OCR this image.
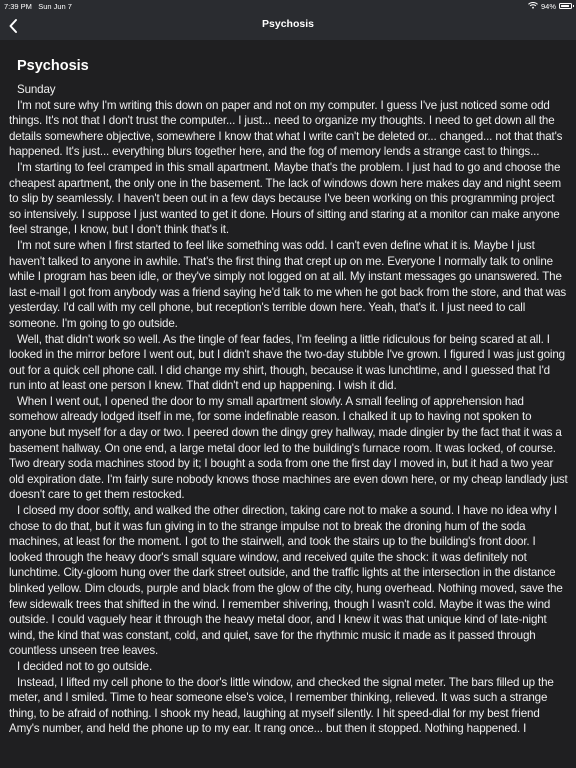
7:39 PM Sun Jun 7	94%
Psychosis
Psychosis

Sunday

I'm not sure why I'm writing this down on paper and not on my computer. I guess I've just noticed some odd things. It's not that I don't trust the computer... I just... need to organize my thoughts. I need to get down all the details somewhere objective, somewhere I know that what I write can't be deleted or... changed... not that that's happened. It's just... everything blurs together here, and the fog of memory lends a strange cast to things...

I'm starting to feel cramped in this small apartment. Maybe that's the problem. I just had to go and choose the cheapest apartment, the only one in the basement. The lack of windows down here makes day and night seem to slip by seamlessly. I haven't been out in a few days because I've been working on this programming project so intensively. I suppose I just wanted to get it done. Hours of sitting and staring at a monitor can make anyone feel strange, I know, but I don't think that's it.

I'm not sure when I first started to feel like something was odd. I can't even define what it is. Maybe I just haven't talked to anyone in awhile. That's the first thing that crept up on me. Everyone I normally talk to online while I program has been idle, or they've simply not logged on at all. My instant messages go unanswered. The last e-mail I got from anybody was a friend saying he'd talk to me when he got back from the store, and that was yesterday. I'd call with my cell phone, but reception's terrible down here. Yeah, that's it. I just need to call someone. I'm going to go outside.

Well, that didn't work so well. As the tingle of fear fades, I'm feeling a little ridiculous for being scared at all. I looked in the mirror before I went out, but I didn't shave the two-day stubble I've grown. I figured I was just going out for a quick cell phone call. I did change my shirt, though, because it was lunchtime, and I guessed that I'd run into at least one person I knew. That didn't end up happening. I wish it did.

When I went out, I opened the door to my small apartment slowly. A small feeling of apprehension had somehow already lodged itself in me, for some indefinable reason. I chalked it up to having not spoken to anyone but myself for a day or two. I peered down the dingy grey hallway, made dingier by the fact that it was a basement hallway. On one end, a large metal door led to the building's furnace room. It was locked, of course. Two dreary soda machines stood by it; I bought a soda from one the first day I moved in, but it had a two year old expiration date. I'm fairly sure nobody knows those machines are even down here, or my cheap landlady just doesn't care to get them restocked.

I closed my door softly, and walked the other direction, taking care not to make a sound. I have no idea why I chose to do that, but it was fun giving in to the strange impulse not to break the droning hum of the soda machines, at least for the moment. I got to the stairwell, and took the stairs up to the building's front door. I looked through the heavy door's small square window, and received quite the shock: it was definitely not lunchtime. City-gloom hung over the dark street outside, and the traffic lights at the intersection in the distance blinked yellow. Dim clouds, purple and black from the glow of the city, hung overhead. Nothing moved, save the few sidewalk trees that shifted in the wind. I remember shivering, though I wasn't cold. Maybe it was the wind outside. I could vaguely hear it through the heavy metal door, and I knew it was that unique kind of late-night wind, the kind that was constant, cold, and quiet, save for the rhythmic music it made as it passed through countless unseen tree leaves.

I decided not to go outside.

Instead, I lifted my cell phone to the door's little window, and checked the signal meter. The bars filled up the meter, and I smiled. Time to hear someone else's voice, I remember thinking, relieved. It was such a strange thing, to be afraid of nothing. I shook my head, laughing at myself silently. I hit speed-dial for my best friend Amy's number, and held the phone up to my ear. It rang once... but then it stopped. Nothing happened. I
